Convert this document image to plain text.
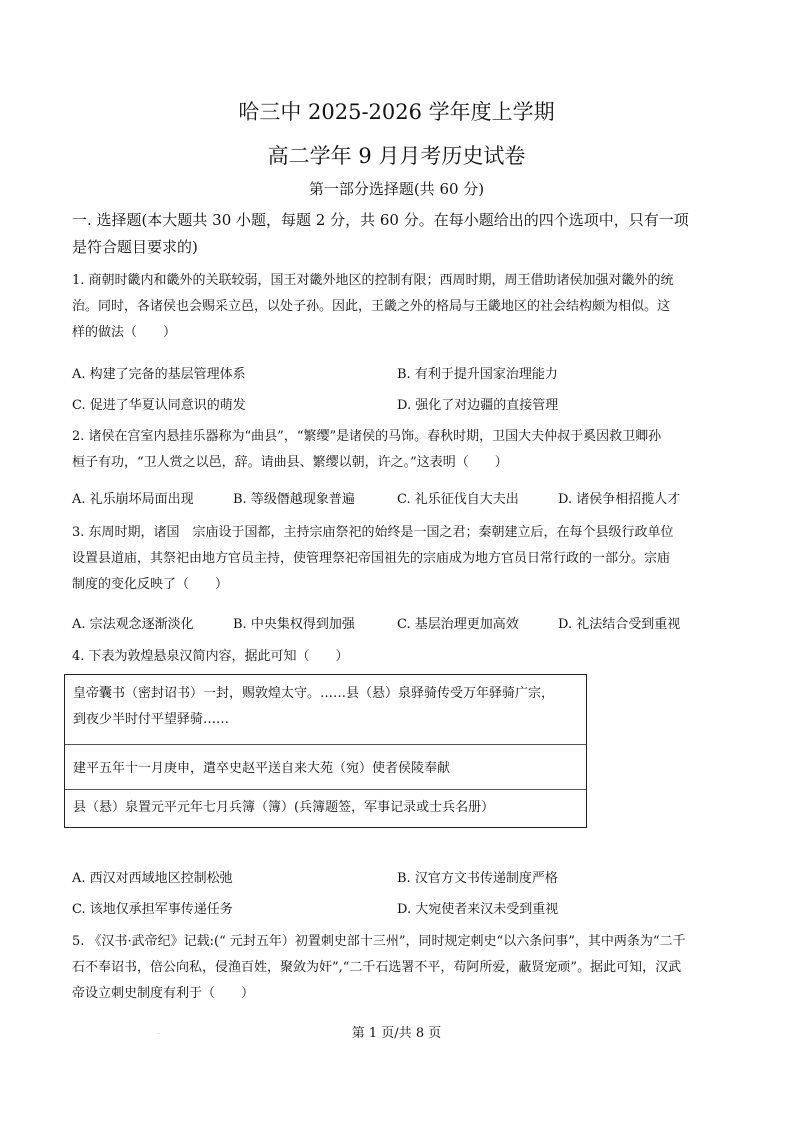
哈三中 2025-2026 学年度上学期
高二学年 9 月月考历史试卷
第一部分选择题(共 60 分)
一. 选择题(本大题共 30 小题，每题 2 分，共 60 分。在每小题给出的四个选项中，只有一项
是符合题目要求的)
1. 商朝时畿内和畿外的关联较弱，国王对畿外地区的控制有限；西周时期，周王借助诸侯加强对畿外的统
治。同时，各诸侯也会赐采立邑，以处子孙。因此，王畿之外的格局与王畿地区的社会结构颇为相似。这
样的做法（　　）
A. 构建了完备的基层管理体系	B. 有利于提升国家治理能力
C. 促进了华夏认同意识的萌发	D. 强化了对边疆的直接管理
2. 诸侯在宫室内悬挂乐器称为“曲县”，“繁缨”是诸侯的马饰。春秋时期，卫国大夫仲叔于奚因救卫卿孙
桓子有功，“卫人赏之以邑，辞。请曲县、繁缨以朝，许之。”这表明（　　）
A. 礼乐崩坏局面出现	B. 等级僭越现象普遍	C. 礼乐征伐自大夫出	D. 诸侯争相招揽人才
3. 东周时期，诸国　宗庙设于国都，主持宗庙祭祀的始终是一国之君；秦朝建立后，在每个县级行政单位
设置县道庙，其祭祀由地方官员主持，使管理祭祀帝国祖先的宗庙成为地方官员日常行政的一部分。宗庙
制度的变化反映了（　　）
A. 宗法观念逐渐淡化	B. 中央集权得到加强	C. 基层治理更加高效	D. 礼法结合受到重视
4. 下表为敦煌悬泉汉简内容，据此可知（　　）
皇帝囊书（密封诏书）一封，赐敦煌太守。……县（悬）泉驿骑传受万年驿骑广宗，
到夜少半时付平望驿骑……
建平五年十一月庚申，遣卒史赵平送自来大苑（宛）使者侯陵奉献
县（悬）泉置元平元年七月兵簿（簿）(兵簿题签，军事记录或士兵名册）
A. 西汉对西域地区控制松弛	B. 汉官方文书传递制度严格
C. 该地仅承担军事传递任务	D. 大宛使者来汉未受到重视
5. 《汉书·武帝纪》记载:(“ 元封五年）初置刺史部十三州”，同时规定刺史“以六条问事”，其中两条为“二千
石不奉诏书，倍公向私，侵渔百姓，聚敛为奸”,“二千石选署不平，苟阿所爱，蔽贤宠顽”。据此可知，汉武
帝设立刺史制度有利于（　　）
·	第 1 页/共 8 页
